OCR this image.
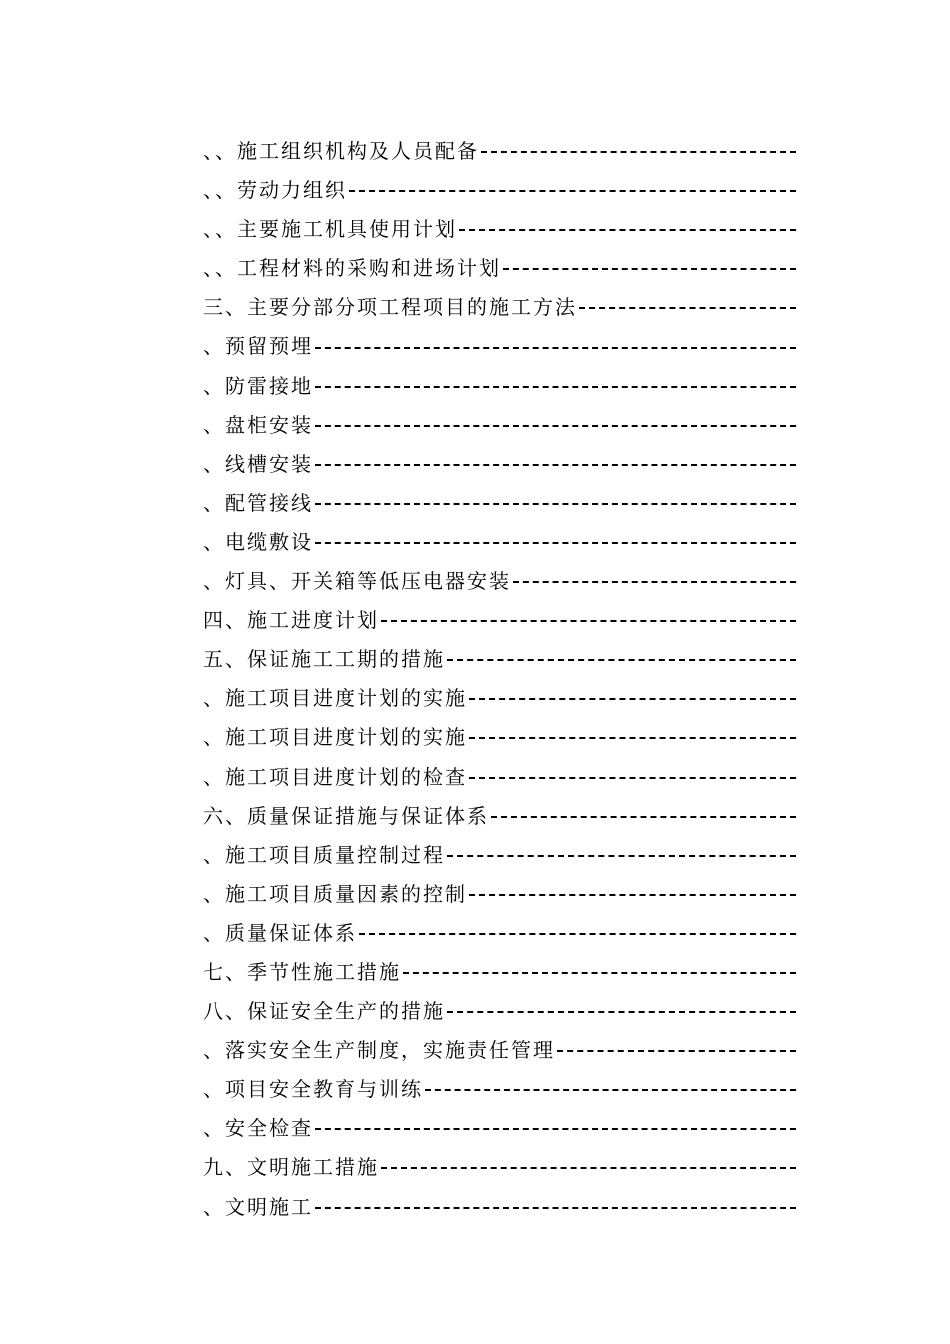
、、施工组织机构及人员配备
、、劳动力组织
、、主要施工机具使用计划
、、工程材料的采购和进场计划
三、主要分部分项工程项目的施工方法
、预留预埋
、防雷接地
、盘柜安装
、线槽安装
、配管接线
、电缆敷设
、灯具、开关箱等低压电器安装
四、施工进度计划
五、保证施工工期的措施
、施工项目进度计划的实施
、施工项目进度计划的实施
、施工项目进度计划的检查
六、质量保证措施与保证体系
、施工项目质量控制过程
、施工项目质量因素的控制
、质量保证体系
七、季节性施工措施
八、保证安全生产的措施
、落实安全生产制度，实施责任管理
、项目安全教育与训练
、安全检查
九、文明施工措施
、文明施工
